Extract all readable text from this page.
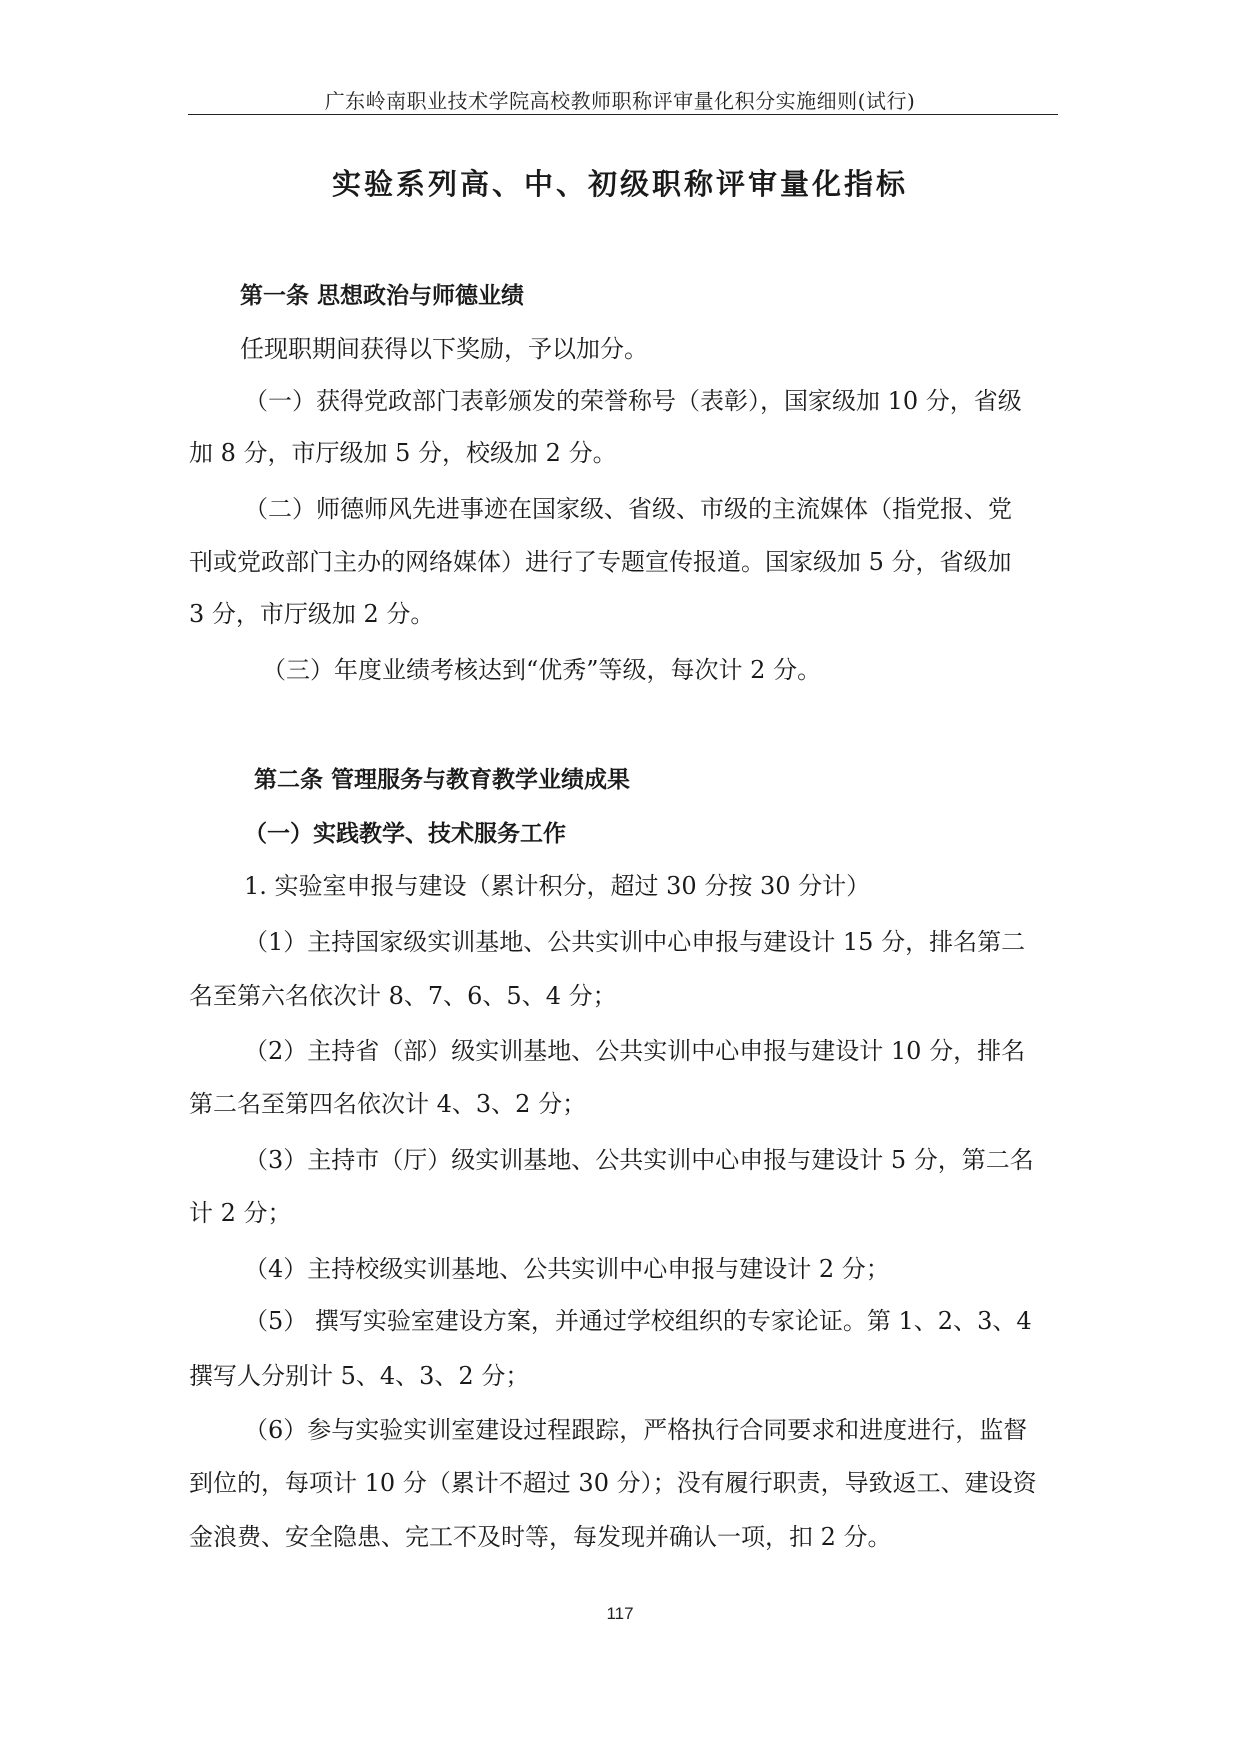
广东岭南职业技术学院高校教师职称评审量化积分实施细则(试行)
实验系列高、中、初级职称评审量化指标
第一条 思想政治与师德业绩
任现职期间获得以下奖励，予以加分。
（一）获得党政部门表彰颁发的荣誉称号（表彰），国家级加 10 分，省级
加 8 分，市厅级加 5 分，校级加 2 分。
（二）师德师风先进事迹在国家级、省级、市级的主流媒体（指党报、党
刊或党政部门主办的网络媒体）进行了专题宣传报道。国家级加 5 分，省级加
3 分，市厅级加 2 分。
（三）年度业绩考核达到“优秀”等级，每次计 2 分。
第二条 管理服务与教育教学业绩成果
（一）实践教学、技术服务工作
1. 实验室申报与建设（累计积分，超过 30 分按 30 分计）
（1）主持国家级实训基地、公共实训中心申报与建设计 15 分，排名第二
名至第六名依次计 8、7、6、5、4 分；
（2）主持省（部）级实训基地、公共实训中心申报与建设计 10 分，排名
第二名至第四名依次计 4、3、2 分；
（3）主持市（厅）级实训基地、公共实训中心申报与建设计 5 分，第二名
计 2 分；
（4）主持校级实训基地、公共实训中心申报与建设计 2 分；
（5） 撰写实验室建设方案，并通过学校组织的专家论证。第 1、2、3、4
撰写人分别计 5、4、3、2 分；
（6）参与实验实训室建设过程跟踪，严格执行合同要求和进度进行，监督
到位的，每项计 10 分（累计不超过 30 分）；没有履行职责，导致返工、建设资
金浪费、安全隐患、完工不及时等，每发现并确认一项，扣 2 分。
117
